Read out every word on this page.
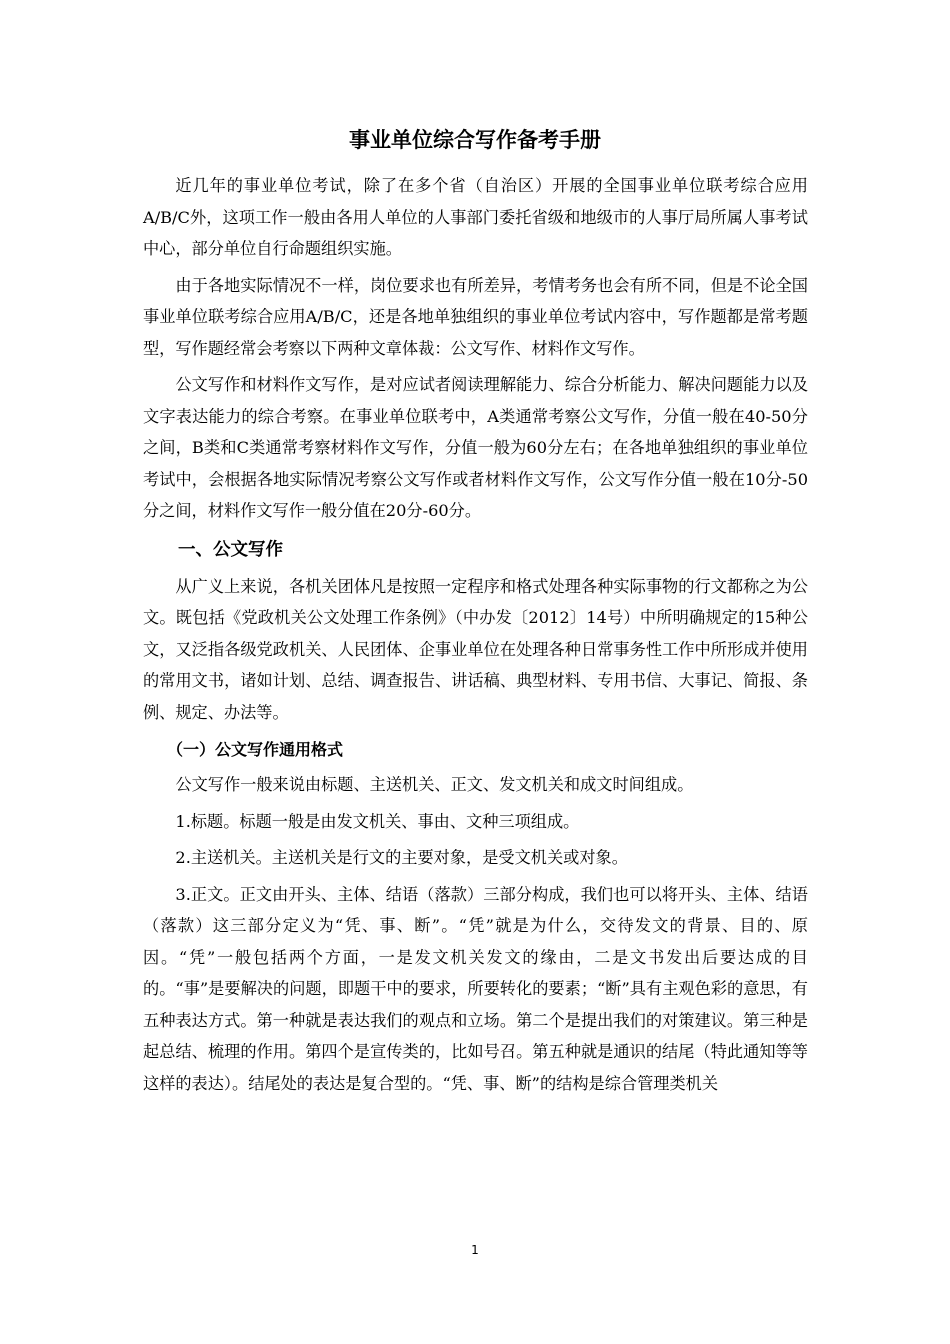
事业单位综合写作备考手册

近几年的事业单位考试，除了在多个省（自治区）开展的全国事业单位联考综合应用A/B/C外，这项工作一般由各用人单位的人事部门委托省级和地级市的人事厅局所属人事考试中心，部分单位自行命题组织实施。

由于各地实际情况不一样，岗位要求也有所差异，考情考务也会有所不同，但是不论全国事业单位联考综合应用A/B/C，还是各地单独组织的事业单位考试内容中，写作题都是常考题型，写作题经常会考察以下两种文章体裁：公文写作、材料作文写作。

公文写作和材料作文写作，是对应试者阅读理解能力、综合分析能力、解决问题能力以及文字表达能力的综合考察。在事业单位联考中，A类通常考察公文写作，分值一般在40-50分之间，B类和C类通常考察材料作文写作，分值一般为60分左右；在各地单独组织的事业单位考试中，会根据各地实际情况考察公文写作或者材料作文写作，公文写作分值一般在10分-50分之间，材料作文写作一般分值在20分-60分。

一、公文写作

从广义上来说，各机关团体凡是按照一定程序和格式处理各种实际事物的行文都称之为公文。既包括《党政机关公文处理工作条例》（中办发〔2012〕14号）中所明确规定的15种公文，又泛指各级党政机关、人民团体、企事业单位在处理各种日常事务性工作中所形成并使用的常用文书，诸如计划、总结、调查报告、讲话稿、典型材料、专用书信、大事记、简报、条例、规定、办法等。

（一）公文写作通用格式

公文写作一般来说由标题、主送机关、正文、发文机关和成文时间组成。

1.标题。标题一般是由发文机关、事由、文种三项组成。

2.主送机关。主送机关是行文的主要对象，是受文机关或对象。

3.正文。正文由开头、主体、结语（落款）三部分构成，我们也可以将开头、主体、结语（落款）这三部分定义为“凭、事、断”。“凭”就是为什么，交待发文的背景、目的、原因。“凭”一般包括两个方面，一是发文机关发文的缘由，二是文书发出后要达成的目的。“事”是要解决的问题，即题干中的要求，所要转化的要素；“断”具有主观色彩的意思，有五种表达方式。第一种就是表达我们的观点和立场。第二个是提出我们的对策建议。第三种是起总结、梳理的作用。第四个是宣传类的，比如号召。第五种就是通识的结尾（特此通知等等这样的表达）。结尾处的表达是复合型的。“凭、事、断”的结构是综合管理类机关

1
